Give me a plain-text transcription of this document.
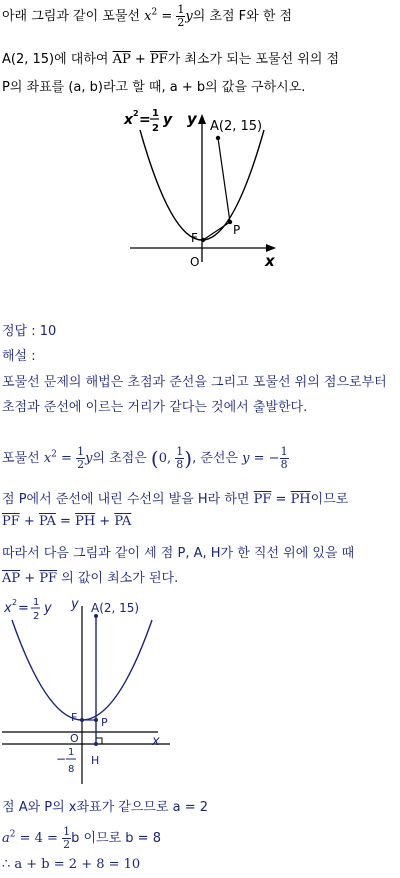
아래 그림과 같이 포물선 $x^2 = \frac{1}{2}$ y의 초점 F와 한 점
A(2, 15)에 대하여 $\overline{AP} + \overline{PF}$가 최소가 되는 포물선 위의 점
P의 좌표를 (a, b)라고 할 때, a + b의 값을 구하시오.
x 2 = 1
2
y y
x
A(2, 15)
F
P
O
정답 : 10
해설 :
포물선 문제의 해법은 초점과 준선을 그리고 포물선 위의 점으로부터
초점과 준선에 이르는 거리가 같다는 것에서 출발한다.
포물선 $x^2 = \frac{1}{2}$ y의 초점은 (0, $\frac{1}{8}$ ), 준선은 y = − $\frac{1}{8}$
점 P에서 준선에 내린 수선의 발을 H라 하면 $\overline{PF} = \overline{PH}$이므로
$\overline{PF} + \overline{PA} = \overline{PH} + \overline{PA}$
따라서 다음 그림과 같이 세 점 P, A, H가 한 직선 위에 있을 때
$\overline{AP} + \overline{PF}$ 의 값이 최소가 된다.
x 2 = 1
2
y y
x
A(2, 15)
F P
O
H
− 1
8
점 A와 P의 x좌표가 같으므로 a = 2
$a^2 = 4 = \frac{1}{2}$ b 이므로 b = 8
∴ a + b = 2 + 8 = 10
